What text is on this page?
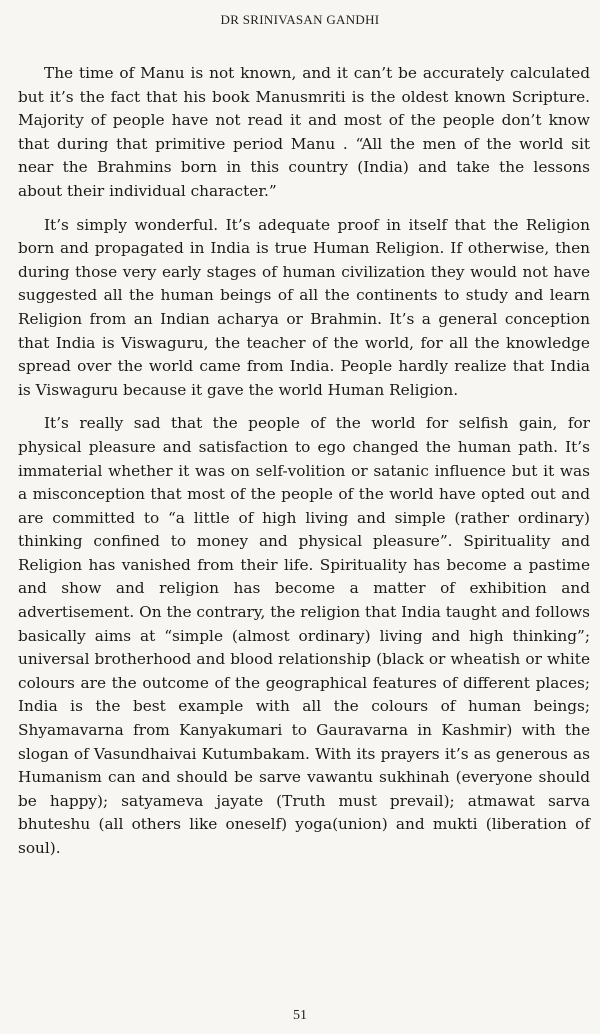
DR SRINIVASAN GANDHI

The time of Manu is not known, and it can’t be accurately calculated but it’s the fact that his book Manusmriti is the oldest known Scripture. Majority of people have not read it and most of the people don’t know that during that primitive period Manu . “All the men of the world sit near the Brahmins born in this country (India) and take the lessons about their individual character.”

It’s simply wonderful. It’s adequate proof in itself that the Religion born and propagated in India is true Human Religion. If otherwise, then during those very early stages of human civilization they would not have suggested all the human beings of all the continents to study and learn Religion from an Indian acharya or Brahmin. It’s a general conception that India is Viswaguru, the teacher of the world, for all the knowledge spread over the world came from India. People hardly realize that India is Viswaguru because it gave the world Human Religion.

It’s really sad that the people of the world for selfish gain, for physical pleasure and satisfaction to ego changed the human path. It’s immaterial whether it was on self-volition or satanic influence but it was a misconception that most of the people of the world have opted out and are committed to “a little of high living and simple (rather ordinary) thinking confined to money and physical pleasure”. Spirituality and Religion has vanished from their life. Spirituality has become a pastime and show and religion has become a matter of exhibition and advertisement. On the contrary, the religion that India taught and follows basically aims at “simple (almost ordinary) living and high thinking”; universal brotherhood and blood relationship (black or wheatish or white colours are the outcome of the geographical features of different places; India is the best example with all the colours of human beings; Shyamavarna from Kanyakumari to Gauravarna in Kashmir) with the slogan of Vasundhaivai Kutumbakam. With its prayers it’s as generous as Humanism can and should be sarve vawantu sukhinah (everyone should be happy); satyameva jayate (Truth must prevail); atmawat sarva bhuteshu (all others like oneself) yoga(union) and mukti (liberation of soul).

51
